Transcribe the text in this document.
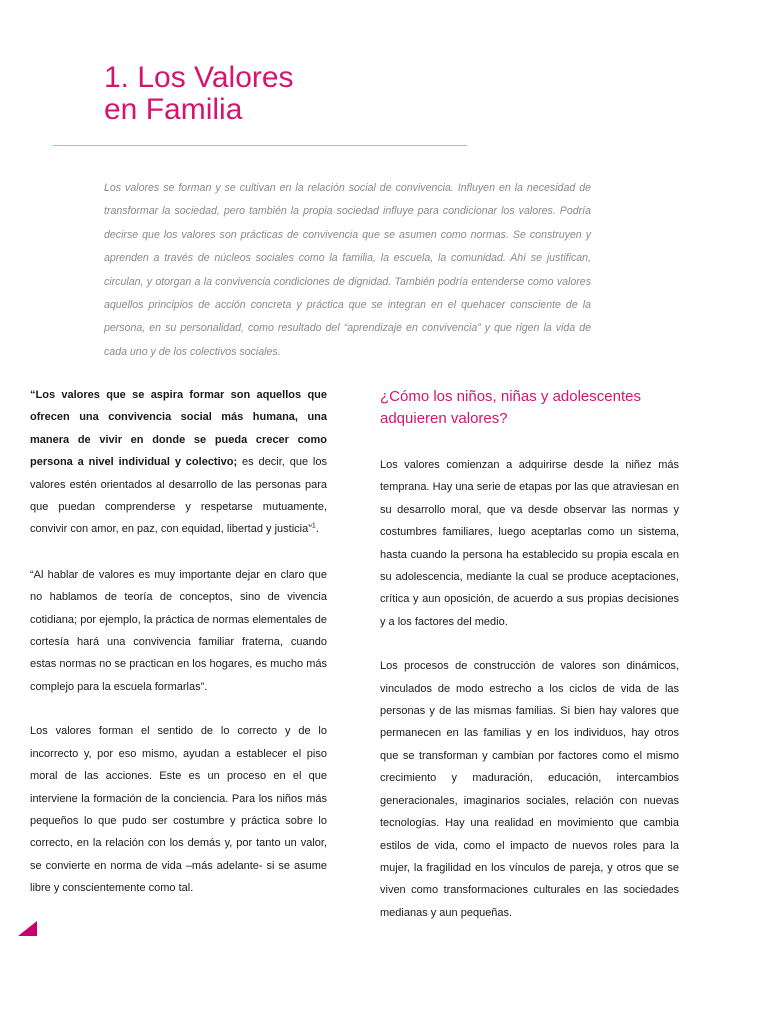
1. Los Valores
en Familia

Los valores se forman y se cultivan en la relación social de convivencia. Influyen en la necesidad de transformar la sociedad, pero también la propia sociedad influye para condicionar los valores. Podría decirse que los valores son prácticas de convivencia que se asumen como normas. Se construyen y aprenden a través de núcleos sociales como la familia, la escuela, la comunidad. Ahí se justifican, circulan, y otorgan a la convivencia condiciones de dignidad. También podría entenderse como valores aquellos principios de acción concreta y práctica que se integran en el quehacer consciente de la persona, en su personalidad, como resultado del “aprendizaje en convivencia” y que rigen la vida de cada uno y de los colectivos sociales.

“Los valores que se aspira formar son aquellos que ofrecen una convivencia social más humana, una manera de vivir en donde se pueda crecer como persona a nivel individual y colectivo; es decir, que los valores estén orientados al desarrollo de las personas para que puedan comprenderse y respetarse mutuamente, convivir con amor, en paz, con equidad, libertad y justicia”$^1$.

“Al hablar de valores es muy importante dejar en claro que no hablamos de teoría de conceptos, sino de vivencia cotidiana; por ejemplo, la práctica de normas elementales de cortesía hará una convivencia familiar fraterna, cuando estas normas no se practican en los hogares, es mucho más complejo para la escuela formarlas”.

Los valores forman el sentido de lo correcto y de lo incorrecto y, por eso mismo, ayudan a establecer el piso moral de las acciones. Este es un proceso en el que interviene la formación de la conciencia. Para los niños más pequeños lo que pudo ser costumbre y práctica sobre lo correcto, en la relación con los demás y, por tanto un valor, se convierte en norma de vida –más adelante- si se asume libre y conscientemente como tal.

¿Cómo los niños, niñas y adolescentes adquieren valores?

Los valores comienzan a adquirirse desde la niñez más temprana. Hay una serie de etapas por las que atraviesan en su desarrollo moral, que va desde observar las normas y costumbres familiares, luego aceptarlas como un sistema, hasta cuando la persona ha establecido su propia escala en su adolescencia, mediante la cual se produce aceptaciones, crítica y aun oposición, de acuerdo a sus propias decisiones y a los factores del medio.

Los procesos de construcción de valores son dinámicos, vinculados de modo estrecho a los ciclos de vida de las personas y de las mismas familias. Si bien hay valores que permanecen en las familias y en los individuos, hay otros que se transforman y cambian por factores como el mismo crecimiento y maduración, educación, intercambios generacionales, imaginarios sociales, relación con nuevas tecnologías. Hay una realidad en movimiento que cambia estilos de vida, como el impacto de nuevos roles para la mujer, la fragilidad en los vínculos de pareja, y otros que se viven como transformaciones culturales en las sociedades medianas y aun pequeñas.
